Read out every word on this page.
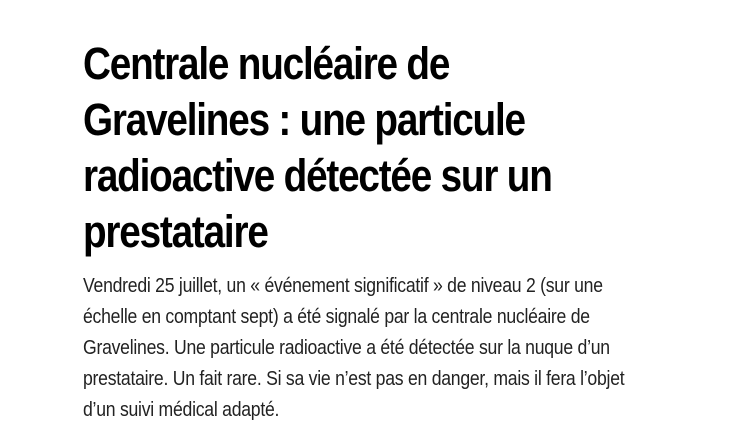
Centrale nucléaire de
Gravelines : une particule
radioactive détectée sur un
prestataire

Vendredi 25 juillet, un « événement significatif » de niveau 2 (sur une
échelle en comptant sept) a été signalé par la centrale nucléaire de
Gravelines. Une particule radioactive a été détectée sur la nuque d’un
prestataire. Un fait rare. Si sa vie n’est pas en danger, mais il fera l’objet
d’un suivi médical adapté.
